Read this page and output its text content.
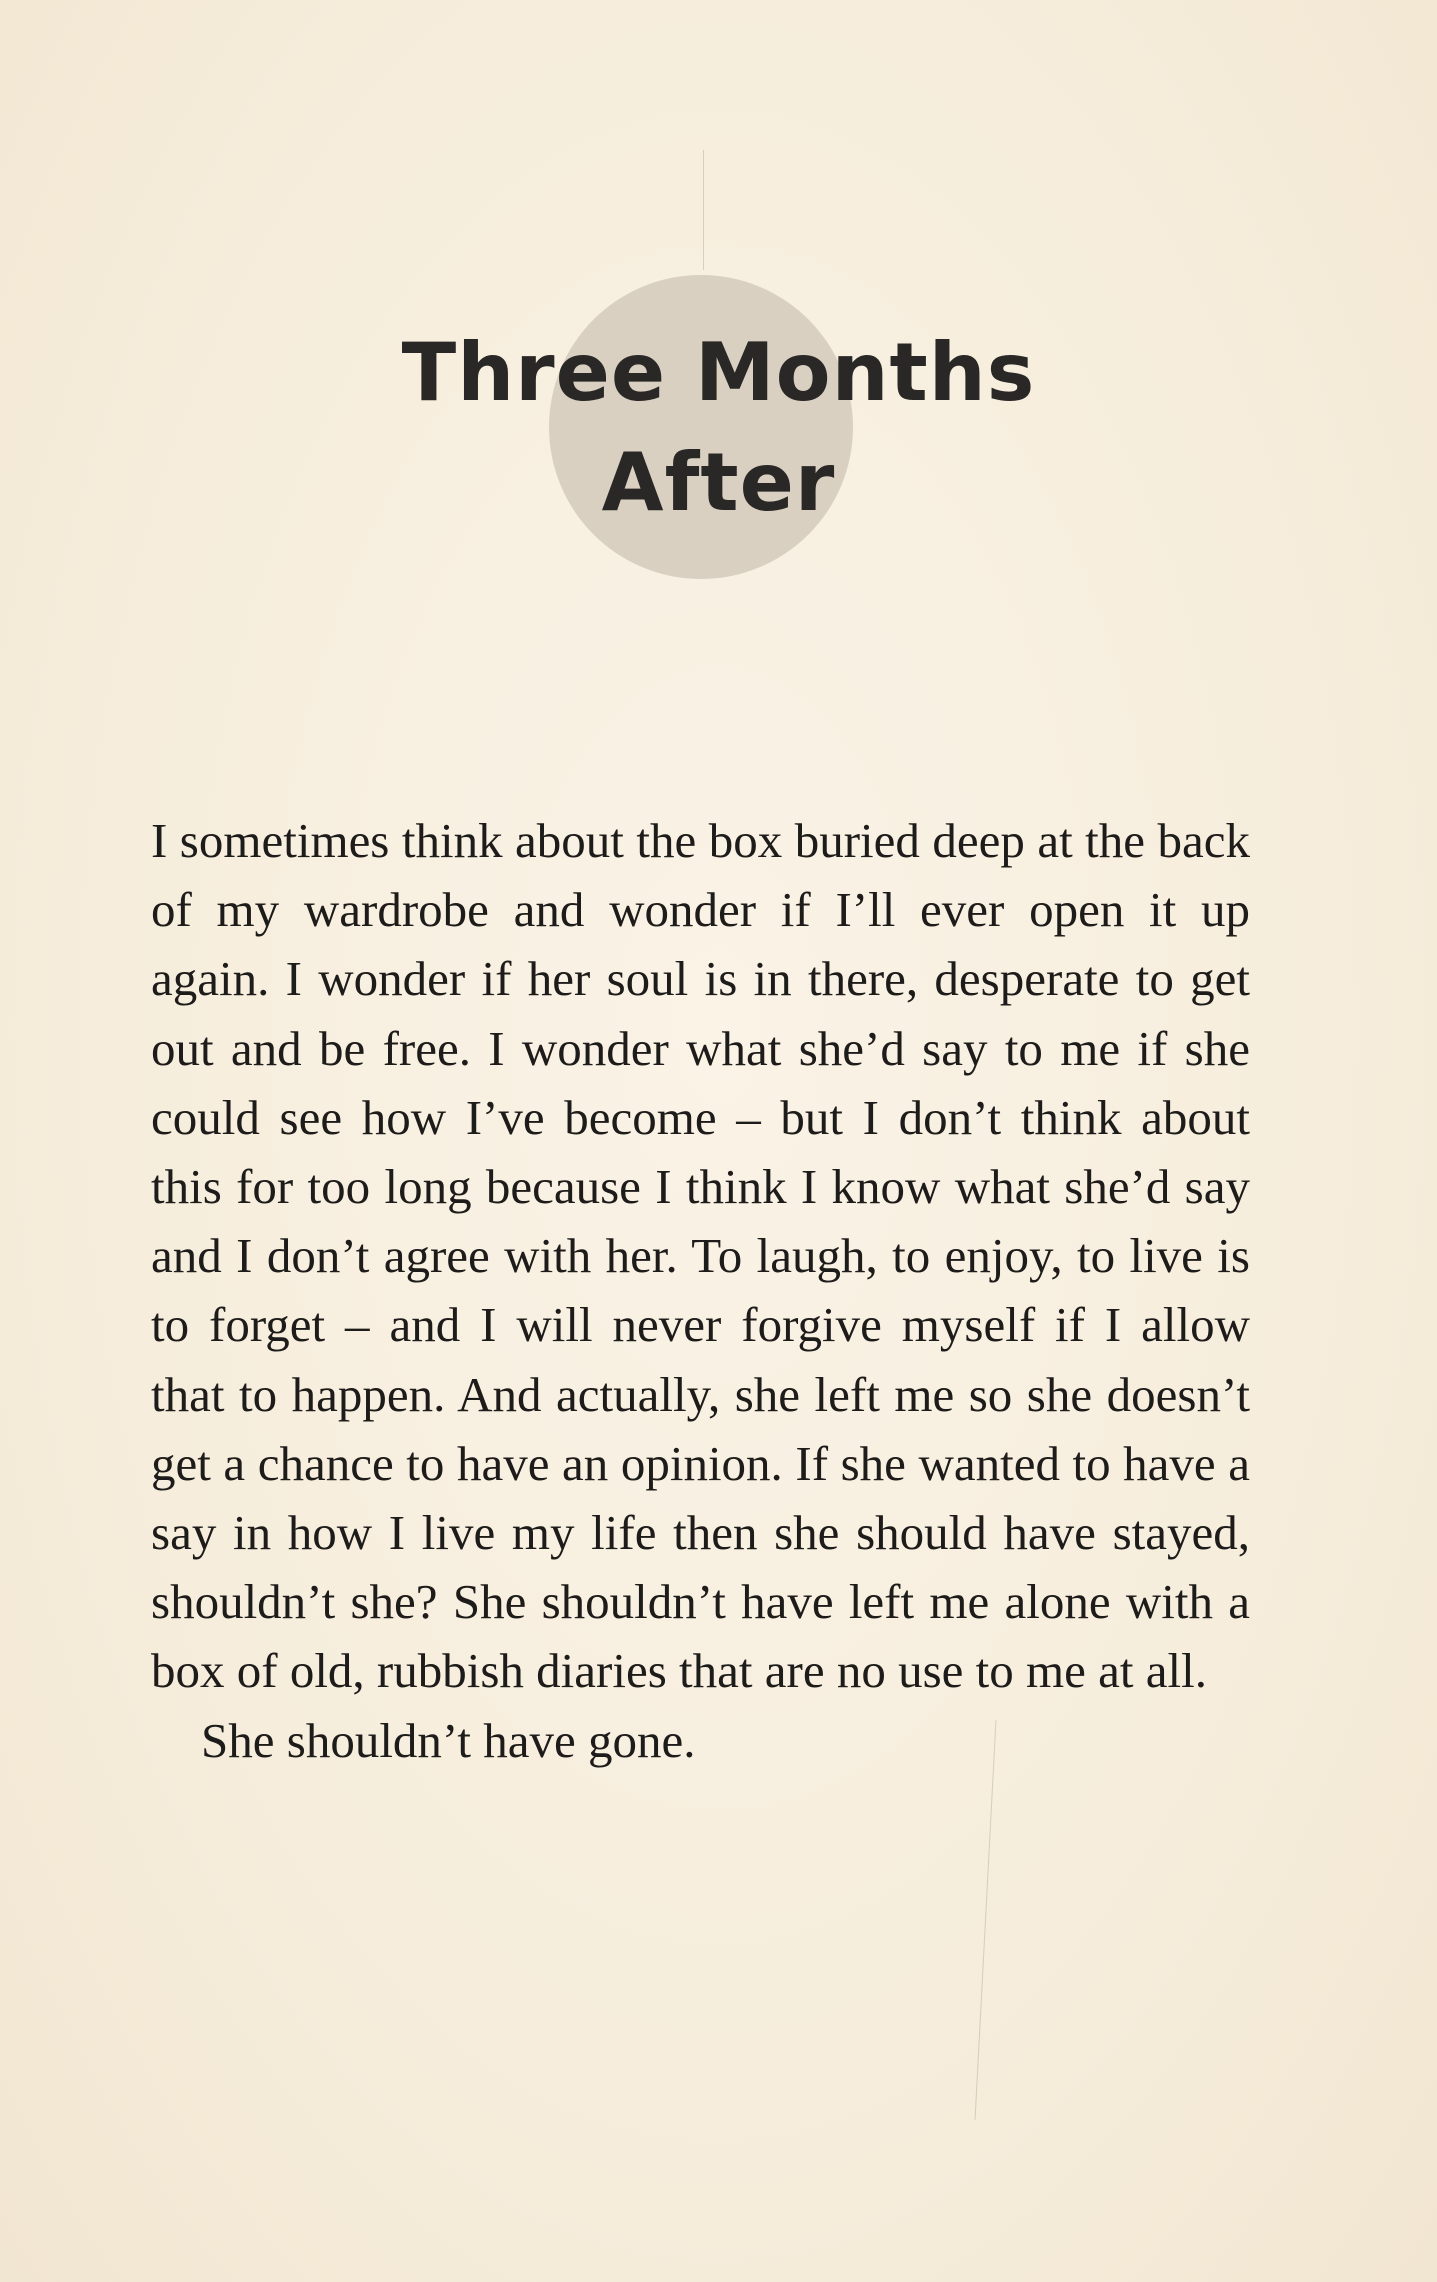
Three Months
After

I sometimes think about the box buried deep at the back of my wardrobe and wonder if I’ll ever open it up again. I wonder if her soul is in there, desperate to get out and be free. I wonder what she’d say to me if she could see how I’ve become – but I don’t think about this for too long because I think I know what she’d say and I don’t agree with her. To laugh, to enjoy, to live is to forget – and I will never forgive myself if I allow that to happen. And actually, she left me so she doesn’t get a chance to have an opinion. If she wanted to have a say in how I live my life then she should have stayed, shouldn’t she? She shouldn’t have left me alone with a box of old, rubbish diaries that are no use to me at all.

She shouldn’t have gone.
